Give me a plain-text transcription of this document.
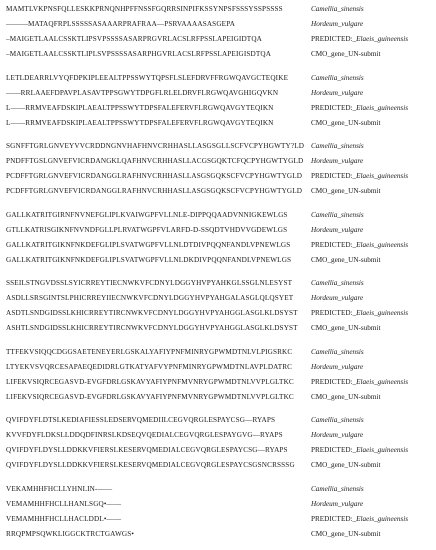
MAMTLVKPNSFQLLESKKPRNQNHPFFNSSFGQRRSINPIFKSSYNPSFSSSYSSPSSSS	Camellia_sinensis
———MATAQFRPLSSSSSASAAARPRAFRAA—PSRVAAAASASGEPA	Hordeum_vulgare
–MAIGETLAALCSSKTLIPSVPSSSSASARPRGVRLACSLRFPSSLAPEIGIDTQA	PREDICTED:_Elaeis_guineensis
–MAIGETLAALCSSKTLIPLSVPSSSSASARPHGVRLACSLRFPSSLAPEIGISDTQA	CMO_gene_UN-submit
LETLDEARRLVYQFDPKIPLEEALTPPSSWYTQPSFLSLEFDRVFFRGWQAVGCTEQIKE	Camellia_sinensis
——RRLAAEFDPAVPLASAVTPPSGWYTDPGFLRLELDRVFLRGWQAVGHIGQVKN	Hordeum_vulgare
L——RRMVEAFDSKIPLAEALTPPSSWYTDPSFALEFERVFLRGWQAVGYTEQIKN	PREDICTED:_Elaeis_guineensis
L——RRMVEAFDSKIPLAEALTPPSSWYTDPSFALEFERVFLRGWQAVGYTEQIKN	CMO_gene_UN-submit
SGNFFTGRLGNVEYVVCRDDNGNVHAFHNVCRHHASLLASGSGLLSCFVCPYHGWTY?LD Camellia_sinensis
PNDFFTGSLGNVEFVICRDANGKLQAFHNVCRHHASLLACGSGQKTCFQCPYHGWTYGLD Hordeum_vulgare
PCDFFTGRLGNVEFVICRDANGGLRAFHNVCRHHASLLASGSGQKSCFVCPYHGWTYGLD PREDICTED:_Elaeis_guineensis
PCDFFTGRLGNVEFVICRDANGGLRAFHNVCRHHASLLASGSGQKSCFVCPYHGWTYGLD CMO_gene_UN-submit
GALLKATRITGIRNFNVNEFGLIPLKVAIWGPFVLLNLE-DIPPQQAADVNNIGKEWLGS	Camellia_sinensis
GTLLKATRISGIKNFNVNDFGLLPLRVATWGPFVLARFD-D-SSQDTVHDVVGDEWLGS	Hordeum_vulgare
GALLKATRITGIKNFNKDEFGLIPLSVATWGPFVLLNLDTDIVPQQNFANDLVPNEWLGS	PREDICTED:_Elaeis_guineensis
GALLKATRITGIKNFNKDEFGLIPLSVATWGPFVLLNLDKDIVPQQNFANDLVPNEWLGS	CMO_gene_UN-submit
SSEILSTNGVDSSLSYICRREYTIECNWKVFCDNYLDGGYHVPYAHKGLSSGLNLESYST	Camellia_sinensis
ASDLLSRSGINTSLPHICRREYIIECNWKVFCDNYLDGGYHVPYAHGALASGLQLQSYET Hordeum_vulgare
ASDTLSNDGIDSSLKHICRREYTIRCNWKVFCDNYLDGGYHVPYAHGGLASGLKLDSYST PREDICTED:_Elaeis_guineensis
ASHTLSNDGIDSSLKHICRREYTIRCNWKVFCDNYLDGGYHVPYAHGGLASGLKLDSYST CMO_gene_UN-submit
TTFEKVSIQQCDGGSAETENEYERLGSKALYAFIYPNFMINRYGPWMDTNLVLPIGSRKC	Camellia_sinensis
LTYEKVSVQRCESAPAEQEDIDRLGTKATYAFVYPNFMINRYGPWMDTNLAVPLDATRC	Hordeum_vulgare
LIFEKVSIQRCEGASVD-EVGFDRLGSKAVYAFIYPNFMVNRYGPWMDTNLVVPLGLTKC PREDICTED:_Elaeis_guineensis
LIFEKVSIQRCEGASVD-EVGFDRLGSKAVYAFIYPNFMVNRYGPWMDTNLVVPLGLTKC CMO_gene_UN-submit
QVIFDYFLDTSLKEDIAFIESSLEDSERVQMEDIILCEGVQRGLESPAYCSG—RYAPS	Camellia_sinensis
KVVFDYFLDKSLLDDQDFINRSLKDSEQVQEDIALCEGVQRGLESPAYGVG—RYAPS	Hordeum_vulgare
QVIFDYFLDYSLLDDKKVFIERSLKESERVQMEDIALCEGVQRGLESPAYCSG—RYAPS	PREDICTED:_Elaeis_guineensis
QVIFDYFLDYSLLDDKKVFIERSLKESERVQMEDIALCEGVQRGLESPAYCSGSNCRSSSG CMO_gene_UN-submit
VEKAMHHFHCLLYHNLIN-——	Camellia_sinensis
VEMAMHHFHCLLHANLSGQ•——	Hordeum_vulgare
VEMAMHHFHCLLHACLDDL•——	PREDICTED:_Elaeis_guineensis
RRQPMPSQWKLIGGCKTRCTGAWGS•	CMO_gene_UN-submit
